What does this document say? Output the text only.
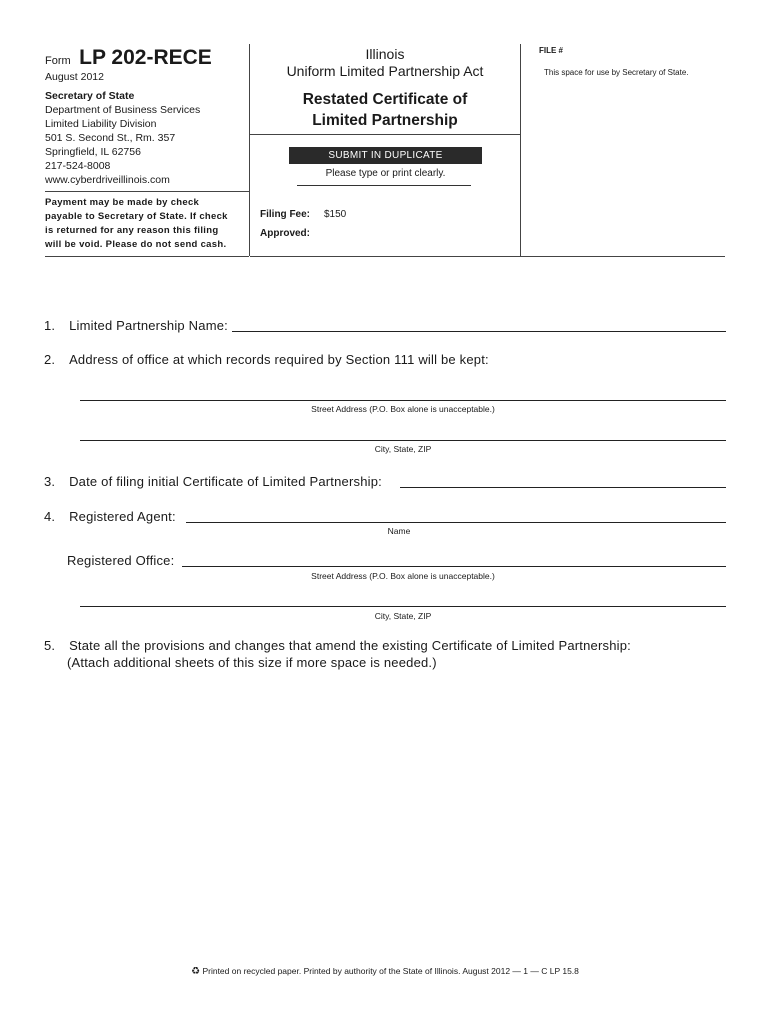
Form LP 202-RECE
August 2012
Secretary of State
Department of Business Services
Limited Liability Division
501 S. Second St., Rm. 357
Springfield, IL 62756
217-524-8008
www.cyberdriveillinois.com
Payment may be made by check
payable to Secretary of State. If check
is returned for any reason this filing
will be void. Please do not send cash.
Illinois
Uniform Limited Partnership Act
Restated Certificate of
Limited Partnership
SUBMIT IN DUPLICATE
Please type or print clearly.
Filing Fee: $150
Approved:
FILE #
This space for use by Secretary of State.
1. Limited Partnership Name:
2. Address of office at which records required by Section 111 will be kept:
Street Address (P.O. Box alone is unacceptable.)
City, State, ZIP
3. Date of filing initial Certificate of Limited Partnership:
4. Registered Agent:
Name
Registered Office:
Street Address (P.O. Box alone is unacceptable.)
City, State, ZIP
5. State all the provisions and changes that amend the existing Certificate of Limited Partnership:
(Attach additional sheets of this size if more space is needed.)
♻ Printed on recycled paper. Printed by authority of the State of Illinois. August 2012 — 1 — C LP 15.8
